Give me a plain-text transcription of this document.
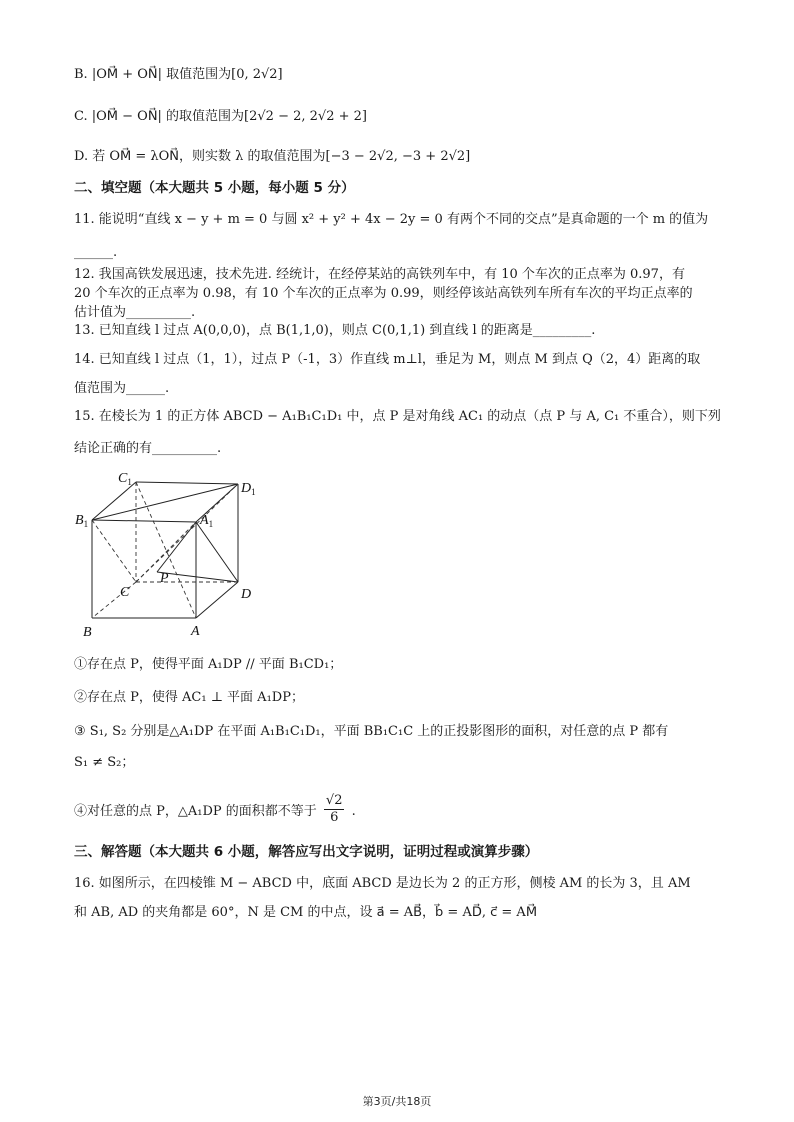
B. |OM⃗ + ON⃗| 取值范围为[0, 2√2]
C. |OM⃗ − ON⃗| 的取值范围为[2√2 − 2, 2√2 + 2]
D. 若 OM⃗ = λON⃗，则实数 λ 的取值范围为[−3 − 2√2, −3 + 2√2]
二、填空题（本大题共 5 小题，每小题 5 分）
11. 能说明“直线 x − y + m = 0 与圆 x² + y² + 4x − 2y = 0 有两个不同的交点”是真命题的一个 m 的值为
______.
12. 我国高铁发展迅速，技术先进. 经统计，在经停某站的高铁列车中，有 10 个车次的正点率为 0.97，有
20 个车次的正点率为 0.98，有 10 个车次的正点率为 0.99，则经停该站高铁列车所有车次的平均正点率的
估计值为__________.
13. 已知直线 l 过点 A(0,0,0)，点 B(1,1,0)，则点 C(0,1,1) 到直线 l 的距离是_________.
14. 已知直线 l 过点（1，1），过点 P（-1，3）作直线 m⊥l，垂足为 M，则点 M 到点 Q（2，4）距离的取
值范围为______.
15. 在棱长为 1 的正方体 ABCD − A₁B₁C₁D₁ 中，点 P 是对角线 AC₁ 的动点（点 P 与 A, C₁ 不重合），则下列
结论正确的有__________.
$C_1$	$D_1$
$B_1$	$A_1$
P
C	D
B	A
①存在点 P，使得平面 A₁DP // 平面 B₁CD₁；
②存在点 P，使得 AC₁ ⊥ 平面 A₁DP；
③ S₁, S₂ 分别是△A₁DP 在平面 A₁B₁C₁D₁，平面 BB₁C₁C 上的正投影图形的面积，对任意的点 P 都有
S₁ ≠ S₂；
④对任意的点 P，△A₁DP 的面积都不等于 $\frac{√2}{6}$ .
三、解答题（本大题共 6 小题，解答应写出文字说明，证明过程或演算步骤）
16. 如图所示，在四棱锥 M − ABCD 中，底面 ABCD 是边长为 2 的正方形，侧棱 AM 的长为 3，且 AM
和 AB, AD 的夹角都是 60°，N 是 CM 的中点，设 a⃗ = AB⃗，b⃗ = AD⃗, c⃗ = AM⃗
第3页/共18页
